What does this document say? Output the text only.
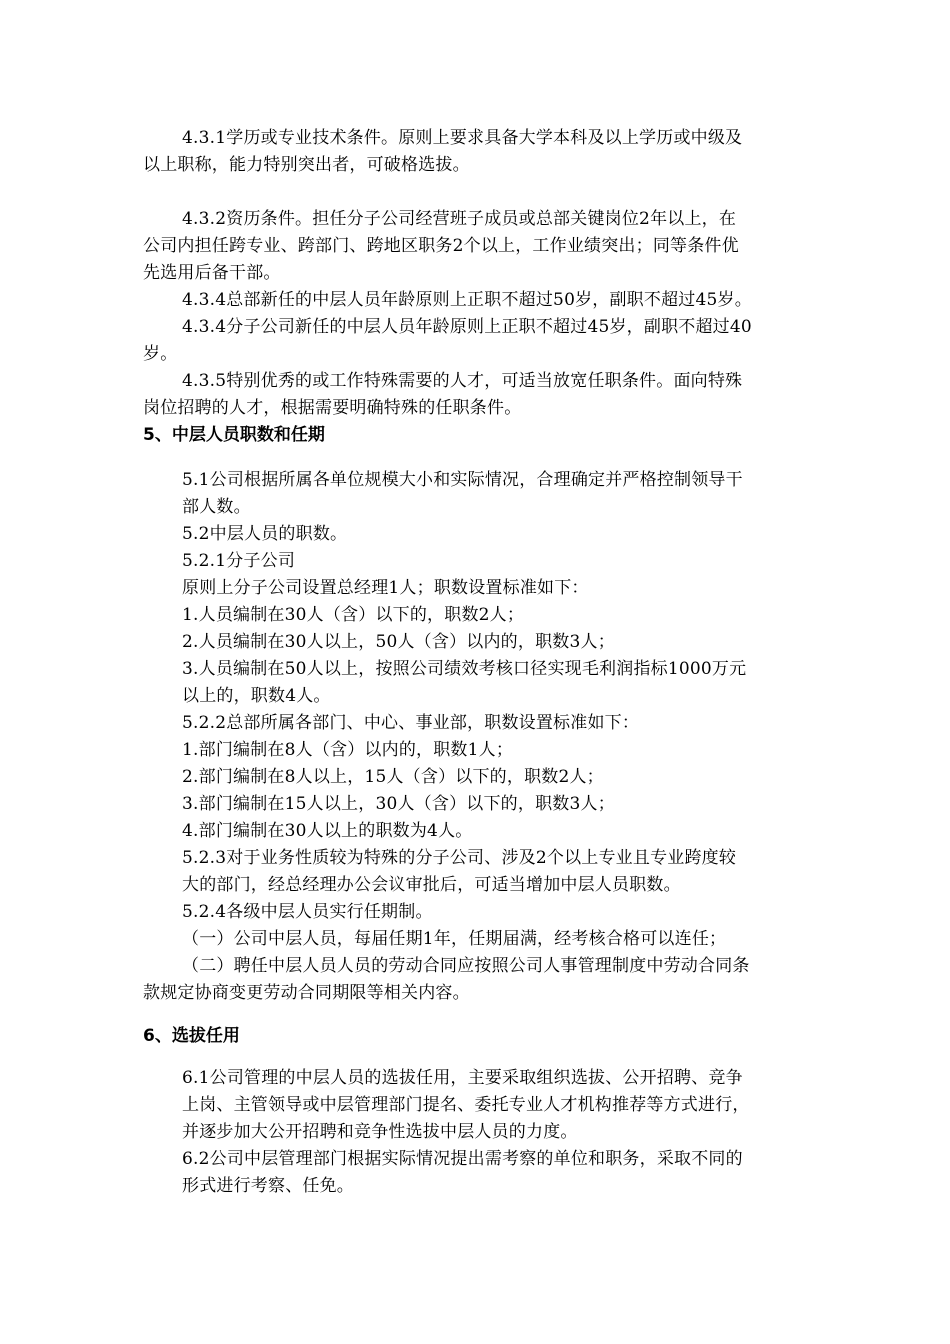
4.3.1学历或专业技术条件。原则上要求具备大学本科及以上学历或中级及
以上职称，能力特别突出者，可破格选拔。
4.3.2资历条件。担任分子公司经营班子成员或总部关键岗位2年以上，在
公司内担任跨专业、跨部门、跨地区职务2个以上，工作业绩突出；同等条件优
先选用后备干部。
4.3.4总部新任的中层人员年龄原则上正职不超过50岁，副职不超过45岁。
4.3.4分子公司新任的中层人员年龄原则上正职不超过45岁，副职不超过40
岁。
4.3.5特别优秀的或工作特殊需要的人才，可适当放宽任职条件。面向特殊
岗位招聘的人才，根据需要明确特殊的任职条件。
5、中层人员职数和任期
5.1公司根据所属各单位规模大小和实际情况，合理确定并严格控制领导干
部人数。
5.2中层人员的职数。
5.2.1分子公司
原则上分子公司设置总经理1人；职数设置标准如下：
1.人员编制在30人（含）以下的，职数2人；
2.人员编制在30人以上，50人（含）以内的，职数3人；
3.人员编制在50人以上，按照公司绩效考核口径实现毛利润指标1000万元
以上的，职数4人。
5.2.2总部所属各部门、中心、事业部，职数设置标准如下：
1.部门编制在8人（含）以内的，职数1人；
2.部门编制在8人以上，15人（含）以下的，职数2人；
3.部门编制在15人以上，30人（含）以下的，职数3人；
4.部门编制在30人以上的职数为4人。
5.2.3对于业务性质较为特殊的分子公司、涉及2个以上专业且专业跨度较
大的部门，经总经理办公会议审批后，可适当增加中层人员职数。
5.2.4各级中层人员实行任期制。
（一）公司中层人员，每届任期1年，任期届满，经考核合格可以连任；
（二）聘任中层人员人员的劳动合同应按照公司人事管理制度中劳动合同条
款规定协商变更劳动合同期限等相关内容。
6、选拔任用
6.1公司管理的中层人员的选拔任用，主要采取组织选拔、公开招聘、竞争
上岗、主管领导或中层管理部门提名、委托专业人才机构推荐等方式进行，
并逐步加大公开招聘和竞争性选拔中层人员的力度。
6.2公司中层管理部门根据实际情况提出需考察的单位和职务，采取不同的
形式进行考察、任免。
